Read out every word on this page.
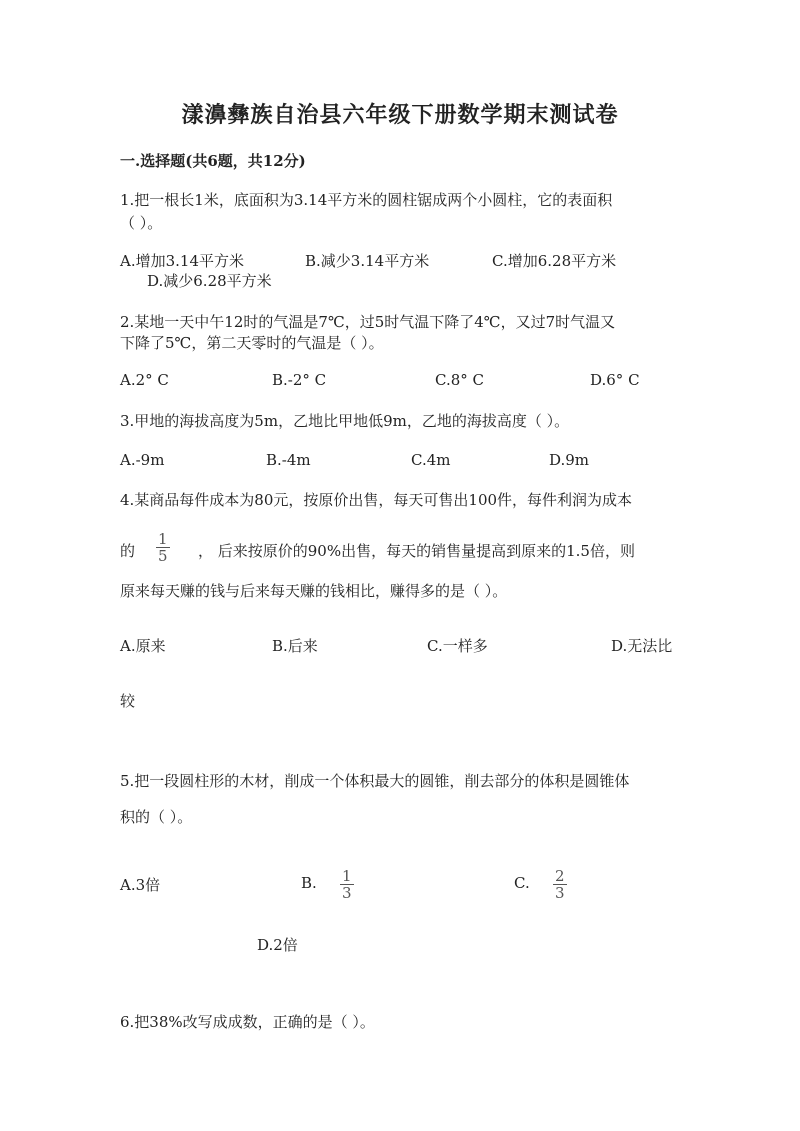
漾濞彝族自治县六年级下册数学期末测试卷
一.选择题(共6题，共12分)
1.把一根长1米，底面积为3.14平方米的圆柱锯成两个小圆柱，它的表面积
（ ）。
A.增加3.14平方米	B.减少3.14平方米	C.增加6.28平方米
D.减少6.28平方米
2.某地一天中午12时的气温是7℃，过5时气温下降了4℃，又过7时气温又
下降了5℃，第二天零时的气温是（ ）。
A.2° C	B.-2° C	C.8° C	D.6° C
3.甲地的海拔高度为5m，乙地比甲地低9m，乙地的海拔高度（ ）。
A.-9m	B.-4m	C.4m	D.9m
4.某商品每件成本为80元，按原价出售，每天可售出100件，每件利润为成本
的 $\frac{1}{5}$ ， 后来按原价的90%出售，每天的销售量提高到原来的1.5倍，则
原来每天赚的钱与后来每天赚的钱相比，赚得多的是（ ）。
A.原来	B.后来	C.一样多	D.无法比
较
5.把一段圆柱形的木材，削成一个体积最大的圆锥，削去部分的体积是圆锥体
积的（ ）。
A.3倍	B. $\frac{1}{3}$	C. $\frac{2}{3}$
D.2倍
6.把38%改写成成数，正确的是（ ）。
